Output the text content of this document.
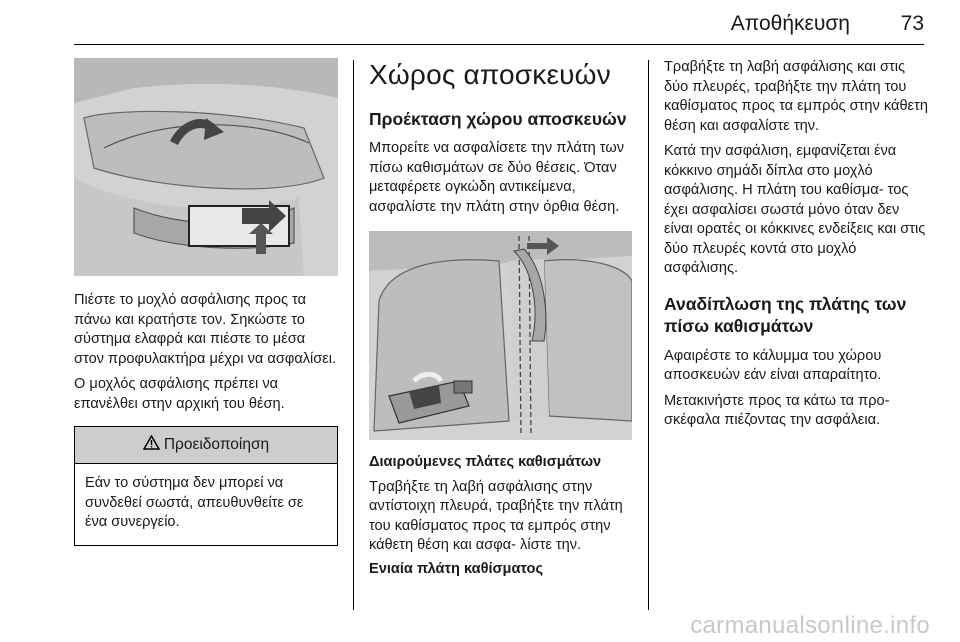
Αποθήκευση 73

Πιέστε το μοχλό ασφάλισης προς τα πάνω και κρατήστε τον. Σηκώστε το σύστημα ελαφρά και πιέστε το μέσα στον προφυλακτήρα μέχρι να ασφαλίσει.

Ο μοχλός ασφάλισης πρέπει να επανέλθει στην αρχική του θέση.

Προειδοποίηση

Εάν το σύστημα δεν μπορεί να συνδεθεί σωστά, απευθυνθείτε σε ένα συνεργείο.

Χώρος αποσκευών
Προέκταση χώρου αποσκευών

Μπορείτε να ασφαλίσετε την πλάτη των πίσω καθισμάτων σε δύο θέσεις. Όταν μεταφέρετε ογκώδη αντικείμενα, ασφαλίστε την πλάτη στην όρθια θέση.

Διαιρούμενες πλάτες καθισμάτων

Τραβήξτε τη λαβή ασφάλισης στην αντίστοιχη πλευρά, τραβήξτε την πλάτη του καθίσματος προς τα εμπρός στην κάθετη θέση και ασφα- λίστε την.

Ενιαία πλάτη καθίσματος

Τραβήξτε τη λαβή ασφάλισης και στις δύο πλευρές, τραβήξτε την πλάτη του καθίσματος προς τα εμπρός στην κάθετη θέση και ασφαλίστε την.

Κατά την ασφάλιση, εμφανίζεται ένα κόκκινο σημάδι δίπλα στο μοχλό ασφάλισης. Η πλάτη του καθίσμα- τος έχει ασφαλίσει σωστά μόνο όταν δεν είναι ορατές οι κόκκινες ενδείξεις και στις δύο πλευρές κοντά στο μοχλό ασφάλισης.

Αναδίπλωση της πλάτης των πίσω καθισμάτων

Αφαιρέστε το κάλυμμα του χώρου αποσκευών εάν είναι απαραίτητο.

Μετακινήστε προς τα κάτω τα προ- σκέφαλα πιέζοντας την ασφάλεια.

carmanualsonline.info
